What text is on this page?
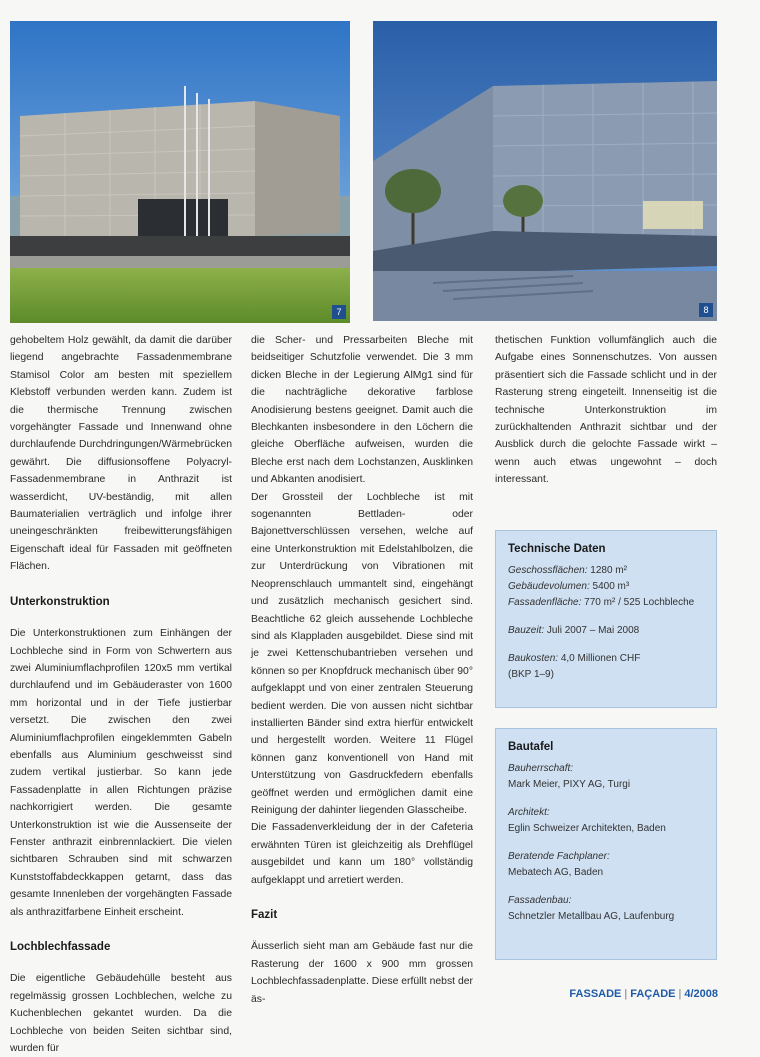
7	8

gehobeltem Holz gewählt, da damit die darüber liegend angebrachte Fassadenmembrane Stamisol Color am besten mit speziellem Klebstoff verbunden werden kann. Zudem ist die thermische Trennung zwischen vorgehängter Fassade und Innenwand ohne durchlaufende Durchdringungen/Wärmebrücken gewährt. Die diffusionsoffene Polyacryl-Fassadenmembrane in Anthrazit ist wasserdicht, UV-beständig, mit allen Baumaterialien verträglich und infolge ihrer uneingeschränkten freibewitterungsfähigen Eigenschaft ideal für Fassaden mit geöffneten Flächen.

Unterkonstruktion

Die Unterkonstruktionen zum Einhängen der Lochbleche sind in Form von Schwertern aus zwei Aluminiumflachprofilen 120x5 mm vertikal durchlaufend und im Gebäuderaster von 1600 mm horizontal und in der Tiefe justierbar versetzt. Die zwischen den zwei Aluminiumflachprofilen eingeklemmten Gabeln ebenfalls aus Aluminium geschweisst sind zudem vertikal justierbar. So kann jede Fassadenplatte in allen Richtungen präzise nachkorrigiert werden. Die gesamte Unterkonstruktion ist wie die Aussenseite der Fenster anthrazit einbrennlackiert. Die vielen sichtbaren Schrauben sind mit schwarzen Kunststoffabdeckkappen getarnt, dass das gesamte Innenleben der vorgehängten Fassade als anthrazitfarbene Einheit erscheint.

Lochblechfassade

Die eigentliche Gebäudehülle besteht aus regelmässig grossen Lochblechen, welche zu Kuchenblechen gekantet wurden. Da die Lochbleche von beiden Seiten sichtbar sind, wurden für

die Scher- und Pressarbeiten Bleche mit beidseitiger Schutzfolie verwendet. Die 3 mm dicken Bleche in der Legierung AlMg1 sind für die nachträgliche dekorative farblose Anodisierung bestens geeignet. Damit auch die Blechkanten insbesondere in den Löchern die gleiche Oberfläche aufweisen, wurden die Bleche erst nach dem Lochstanzen, Ausklinken und Abkanten anodisiert.

Der Grossteil der Lochbleche ist mit sogenannten Bettladen- oder Bajonettverschlüssen versehen, welche auf eine Unterkonstruktion mit Edelstahlbolzen, die zur Unterdrückung von Vibrationen mit Neoprenschlauch ummantelt sind, eingehängt und zusätzlich mechanisch gesichert sind. Beachtliche 62 gleich aussehende Lochbleche sind als Klappladen ausgebildet. Diese sind mit je zwei Kettenschubantrieben versehen und können so per Knopfdruck mechanisch über 90° aufgeklappt und von einer zentralen Steuerung bedient werden. Die von aussen nicht sichtbar installierten Bänder sind extra hierfür entwickelt und hergestellt worden. Weitere 11 Flügel können ganz konventionell von Hand mit Unterstützung von Gasdruckfedern ebenfalls geöffnet werden und ermöglichen damit eine Reinigung der dahinter liegenden Glasscheibe.

Die Fassadenverkleidung der in der Cafeteria erwähnten Türen ist gleichzeitig als Drehflügel ausgebildet und kann um 180° vollständig aufgeklappt und arretiert werden.

Fazit

Äusserlich sieht man am Gebäude fast nur die Rasterung der 1600 x 900 mm grossen Lochblechfassadenplatte. Diese erfüllt nebst der äs-

thetischen Funktion vollumfänglich auch die Aufgabe eines Sonnenschutzes. Von aussen präsentiert sich die Fassade schlicht und in der Rasterung streng eingeteilt. Innenseitig ist die technische Unterkonstruktion im zurückhaltenden Anthrazit sichtbar und der Ausblick durch die gelochte Fassade wirkt – wenn auch etwas ungewohnt – doch interessant.

Technische Daten
Geschossflächen: 1280 m²
Gebäudevolumen: 5400 m³
Fassadenfläche: 770 m² / 525 Lochbleche
Bauzeit: Juli 2007 – Mai 2008
Baukosten: 4,0 Millionen CHF
(BKP 1–9)
Bautafel
Bauherrschaft:
Mark Meier, PIXY AG, Turgi
Architekt:
Eglin Schweizer Architekten, Baden
Beratende Fachplaner:
Mebatech AG, Baden
Fassadenbau:
Schnetzler Metallbau AG, Laufenburg
FASSADE | FAÇADE | 4/2008
